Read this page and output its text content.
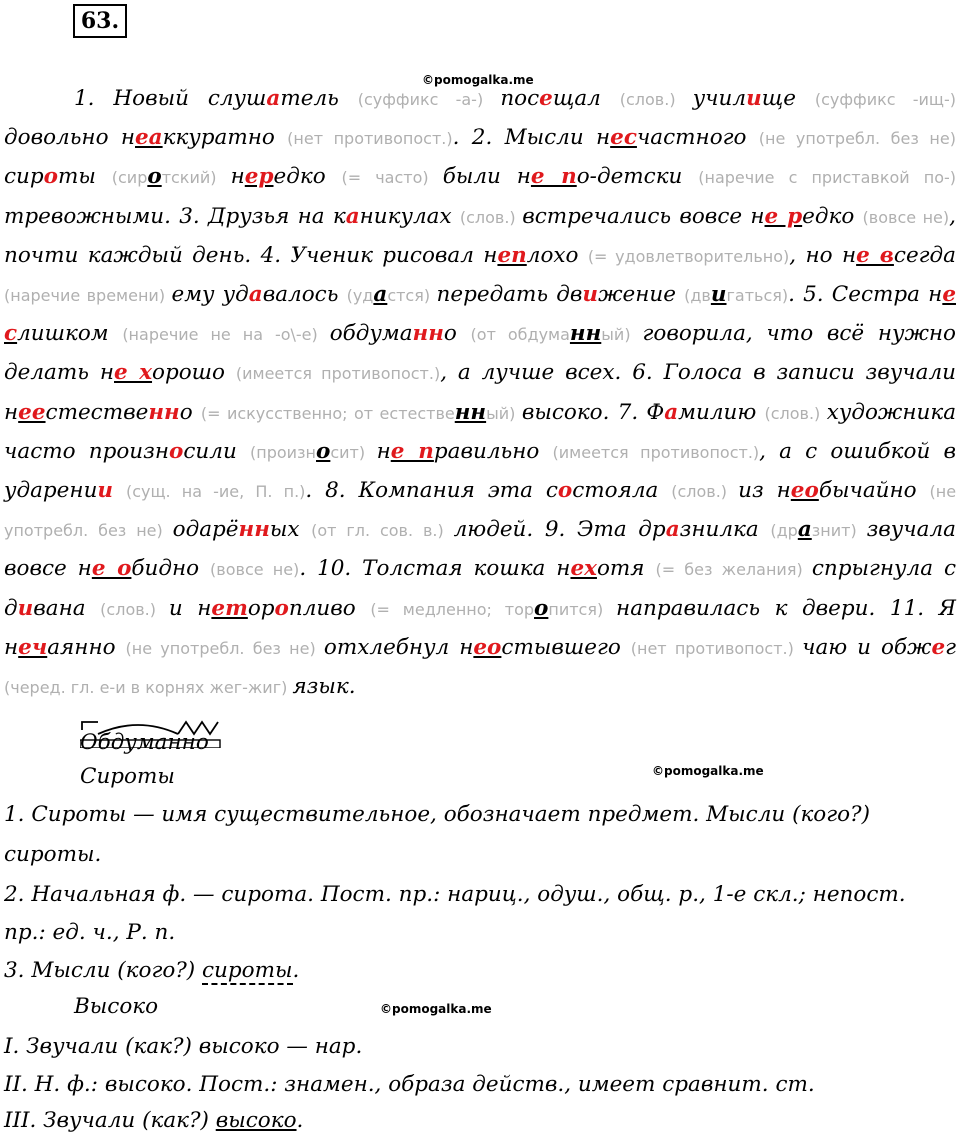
63.
©pomogalka.me

1. Новый слушатель (суффикс -а-) посещал (слов.) училище (суффикс -ищ-) довольно неаккуратно (нет противопост.). 2. Мысли несчастного (не употребл. без не) сироты (сиротский) нередко (= часто) были не по-детски (наречие с приставкой по-) тревожными. 3. Друзья на каникулах (слов.) встречались вовсе не редко (вовсе не), почти каждый день. 4. Ученик рисовал неплохо (= удовлетворительно), но не всегда (наречие времени) ему удавалось (удастся) передать движение (двигаться). 5. Сестра не слишком (наречие не на -о\-е) обдуманно (от обдуманный) говорила, что всё нужно делать не хорошо (имеется противопост.), а лучше всех. 6. Голоса в записи звучали неестественно (= искусственно; от естественный) высоко. 7. Фамилию (слов.) художника часто произносили (произносит) не правильно (имеется противопост.), а с ошибкой в ударении (сущ. на -ие, П. п.). 8. Компания эта состояла (слов.) из необычайно (не употребл. без не) одарённых (от гл. сов. в.) людей. 9. Эта дразнилка (дразнит) звучала вовсе не обидно (вовсе не). 10. Толстая кошка нехотя (= без желания) спрыгнула с дивана (слов.) и неторопливо (= медленно; торопится) направилась к двери. 11. Я нечаянно (не употребл. без не) отхлебнул неостывшего (нет противопост.) чаю и обжег (черед. гл. е-и в корнях жег-жиг) язык.

Обдуманно
Сироты	©pomogalka.me
1. Сироты — имя существительное, обозначает предмет. Мысли (кого?)
сироты.
2. Начальная ф. — сирота. Пост. пр.: нариц., одуш., общ. р., 1-е скл.; непост.
пр.: ед. ч., Р. п.
3. Мысли (кого?) сироты.
Высоко	©pomogalka.me
I. Звучали (как?) высоко — нар.
II. Н. ф.: высоко. Пост.: знамен., образа действ., имеет сравнит. ст.
III. Звучали (как?) высоко.
